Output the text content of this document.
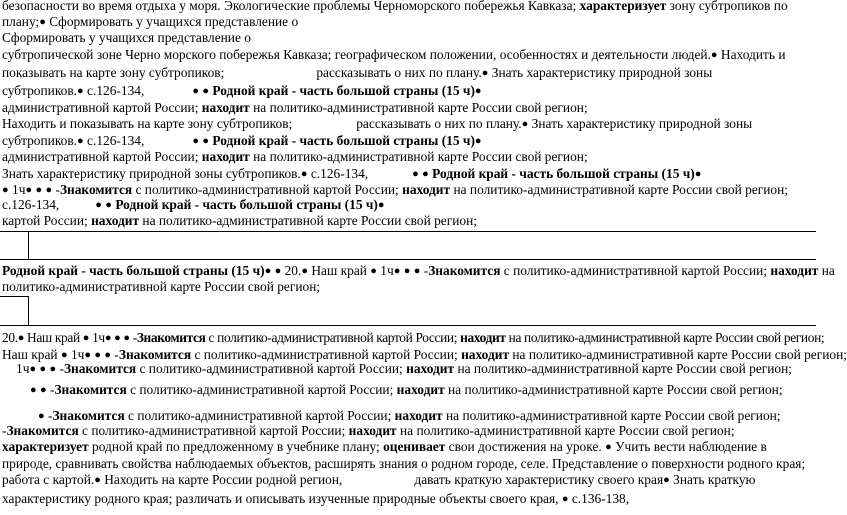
безопасности во время отдыха у моря. Экологические проблемы Черноморского побережья Кавказа; характеризует зону субтропиков по
плану;● Сформировать у учащихся представление о
Сформировать у учащихся представление о
субтропической зоне Черно морского побережья Кавказа; географическом положении, особенностях и деятельности людей.● Находить и
показывать на карте зону субтропиков;	рассказывать о них по плану.● Знать характеристику природной зоны
субтропиков.● с.126-134,	● ● Родной край - часть большой страны (15 ч)●
административной картой России; находит на политико-административной карте России свой регион;
Находить и показывать на карте зону субтропиков;	рассказывать о них по плану.● Знать характеристику природной зоны
субтропиков.● с.126-134,	● ● Родной край - часть большой страны (15 ч)●
административной картой России; находит на политико-административной карте России свой регион;
Знать характеристику природной зоны субтропиков.● с.126-134,	● ● Родной край - часть большой страны (15 ч)●
● 1ч● ● ● -Знакомится с политико-административной картой России; находит на политико-административной карте России свой регион;
с.126-134,	● ● Родной край - часть большой страны (15 ч)●
картой России; находит на политико-административной карте России свой регион;
Родной край - часть большой страны (15 ч)● ● 20.● Наш край ● 1ч● ● ● -Знакомится с политико-административной картой России; находит на
политико-административной карте России свой регион;
20.● Наш край ● 1ч● ● ● -Знакомится с политико-административной картой России; находит на политико-административной карте России свой регион;
Наш край ● 1ч● ● ● -Знакомится с политико-административной картой России; находит на политико-административной карте России свой регион;
1ч● ● ● -Знакомится с политико-административной картой России; находит на политико-административной карте России свой регион;
● ● -Знакомится с политико-административной картой России; находит на политико-административной карте России свой регион;
● -Знакомится с политико-административной картой России; находит на политико-административной карте России свой регион;
-Знакомится с политико-административной картой России; находит на политико-административной карте России свой регион;
характеризует родной край по предложенному в учебнике плану; оценивает свои достижения на уроке. ● Учить вести наблюдение в
природе, сравнивать свойства наблюдаемых объектов, расширять знания о родном городе, селе. Представление о поверхности родного края;
работа с картой.● Находить на карте России родной регион,	давать краткую характеристику своего края● Знать краткую
характеристику родного края; различать и описывать изученные природные объекты своего края, ● с.136-138,
